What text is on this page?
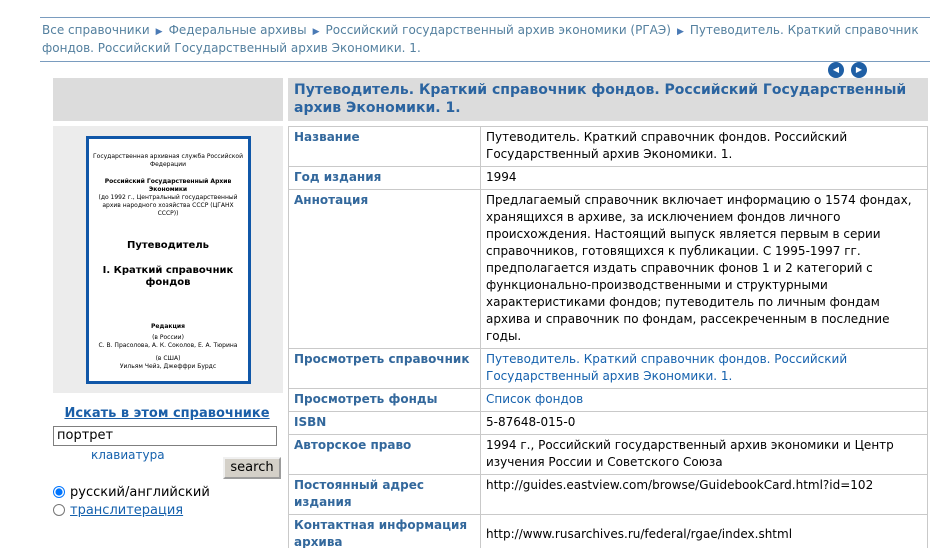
Все справочники ▶ Федеральные архивы ▶ Российский государственный архив экономики (РГАЭ) ▶ Путеводитель. Краткий справочник фондов. Российский Государственный архив Экономики. 1.
◀ ▶
Государственная архивная служба Российской Федерации
Российский Государственный Архив Экономики
(до 1992 г., Центральный государственный архив народного хозяйства СССР (ЦГАНХ СССР))
Путеводитель
I. Краткий справочник фондов
Редакция
(в России)
С. В. Прасолова, А. К. Соколов, Е. А. Тюрина
(в США)
Уильям Чейз, Джеффри Бурдс
Искать в этом справочнике
портрет
клавиатура
search
русский/английский
транслитерация
Путеводитель. Краткий справочник фондов. Российский Государственный архив Экономики. 1.
Название	Путеводитель. Краткий справочник фондов. Российский Государственный архив Экономики. 1.
Год издания	1994
Аннотация	Предлагаемый справочник включает информацию о 1574 фондах, хранящихся в архиве, за исключением фондов личного происхождения. Настоящий выпуск является первым в серии справочников, готовящихся к публикации. С 1995-1997 гг. предполагается издать справочник фонов 1 и 2 категорий с функционально-производственными и структурными характеристиками фондов; путеводитель по личным фондам архива и справочник по фондам, рассекреченным в последние годы.
Просмотреть справочник	Путеводитель. Краткий справочник фондов. Российский Государственный архив Экономики. 1.
Просмотреть фонды	Список фондов
ISBN	5-87648-015-0
Авторское право	1994 г., Российский государственный архив экономики и Центр изучения России и Советского Союза
Постоянный адрес издания	http://guides.eastview.com/browse/GuidebookCard.html?id=102
Контактная информация архива	http://www.rusarchives.ru/federal/rgae/index.shtml
